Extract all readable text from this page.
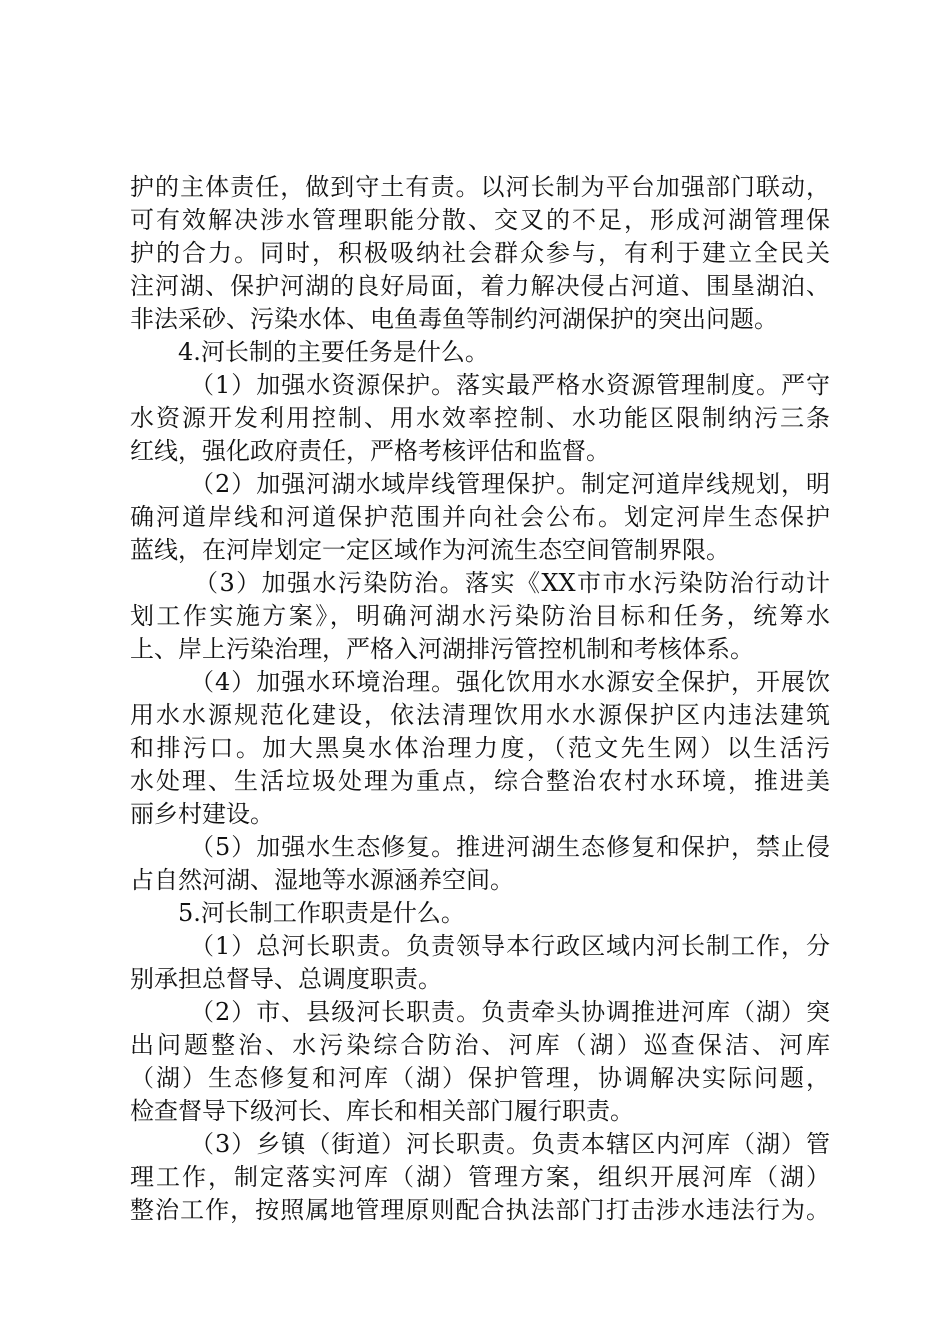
护的主体责任，做到守土有责。以河长制为平台加强部门联动，
可有效解决涉水管理职能分散、交叉的不足，形成河湖管理保
护的合力。同时，积极吸纳社会群众参与，有利于建立全民关
注河湖、保护河湖的良好局面，着力解决侵占河道、围垦湖泊、
非法采砂、污染水体、电鱼毒鱼等制约河湖保护的突出问题。
4.河长制的主要任务是什么。
（1）加强水资源保护。落实最严格水资源管理制度。严守
水资源开发利用控制、用水效率控制、水功能区限制纳污三条
红线，强化政府责任，严格考核评估和监督。
（2）加强河湖水域岸线管理保护。制定河道岸线规划，明
确河道岸线和河道保护范围并向社会公布。划定河岸生态保护
蓝线，在河岸划定一定区域作为河流生态空间管制界限。
（3）加强水污染防治。落实《XX市市水污染防治行动计
划工作实施方案》，明确河湖水污染防治目标和任务，统筹水
上、岸上污染治理，严格入河湖排污管控机制和考核体系。
（4）加强水环境治理。强化饮用水水源安全保护，开展饮
用水水源规范化建设，依法清理饮用水水源保护区内违法建筑
和排污口。加大黑臭水体治理力度，（范文先生网）以生活污
水处理、生活垃圾处理为重点，综合整治农村水环境，推进美
丽乡村建设。
（5）加强水生态修复。推进河湖生态修复和保护，禁止侵
占自然河湖、湿地等水源涵养空间。
5.河长制工作职责是什么。
（1）总河长职责。负责领导本行政区域内河长制工作，分
别承担总督导、总调度职责。
（2）市、县级河长职责。负责牵头协调推进河库（湖）突
出问题整治、水污染综合防治、河库（湖）巡查保洁、河库
（湖）生态修复和河库（湖）保护管理，协调解决实际问题，
检查督导下级河长、库长和相关部门履行职责。
（3）乡镇（街道）河长职责。负责本辖区内河库（湖）管
理工作，制定落实河库（湖）管理方案，组织开展河库（湖）
整治工作，按照属地管理原则配合执法部门打击涉水违法行为。
